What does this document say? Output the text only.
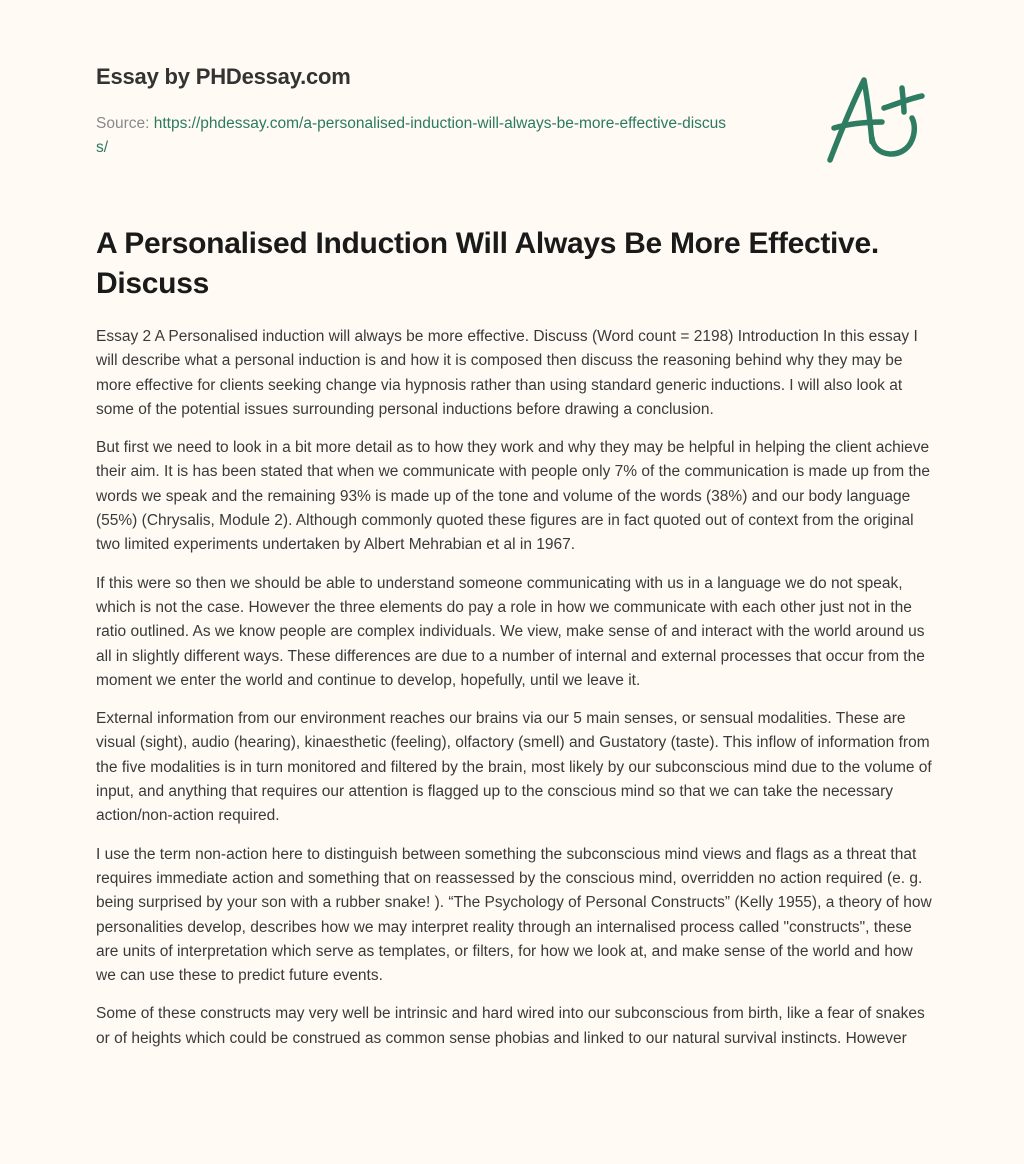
Essay by PHDessay.com
Source: https://phdessay.com/a-personalised-induction-will-always-be-more-effective-discuss/
A Personalised Induction Will Always Be More Effective. Discuss

Essay 2 A Personalised induction will always be more effective. Discuss (Word count = 2198) Introduction In this essay I will describe what a personal induction is and how it is composed then discuss the reasoning behind why they may be more effective for clients seeking change via hypnosis rather than using standard generic inductions. I will also look at some of the potential issues surrounding personal inductions before drawing a conclusion.

But first we need to look in a bit more detail as to how they work and why they may be helpful in helping the client achieve their aim. It is has been stated that when we communicate with people only 7% of the communication is made up from the words we speak and the remaining 93% is made up of the tone and volume of the words (38%) and our body language (55%) (Chrysalis, Module 2). Although commonly quoted these figures are in fact quoted out of context from the original two limited experiments undertaken by Albert Mehrabian et al in 1967.

If this were so then we should be able to understand someone communicating with us in a language we do not speak, which is not the case. However the three elements do pay a role in how we communicate with each other just not in the ratio outlined. As we know people are complex individuals. We view, make sense of and interact with the world around us all in slightly different ways. These differences are due to a number of internal and external processes that occur from the moment we enter the world and continue to develop, hopefully, until we leave it.

External information from our environment reaches our brains via our 5 main senses, or sensual modalities. These are visual (sight), audio (hearing), kinaesthetic (feeling), olfactory (smell) and Gustatory (taste). This inflow of information from the five modalities is in turn monitored and filtered by the brain, most likely by our subconscious mind due to the volume of input, and anything that requires our attention is flagged up to the conscious mind so that we can take the necessary action/non-action required.

I use the term non-action here to distinguish between something the subconscious mind views and flags as a threat that requires immediate action and something that on reassessed by the conscious mind, overridden no action required (e. g. being surprised by your son with a rubber snake! ). “The Psychology of Personal Constructs” (Kelly 1955), a theory of how personalities develop, describes how we may interpret reality through an internalised process called "constructs", these are units of interpretation which serve as templates, or filters, for how we look at, and make sense of the world and how we can use these to predict future events.

Some of these constructs may very well be intrinsic and hard wired into our subconscious from birth, like a fear of snakes or of heights which could be construed as common sense phobias and linked to our natural survival instincts. However
